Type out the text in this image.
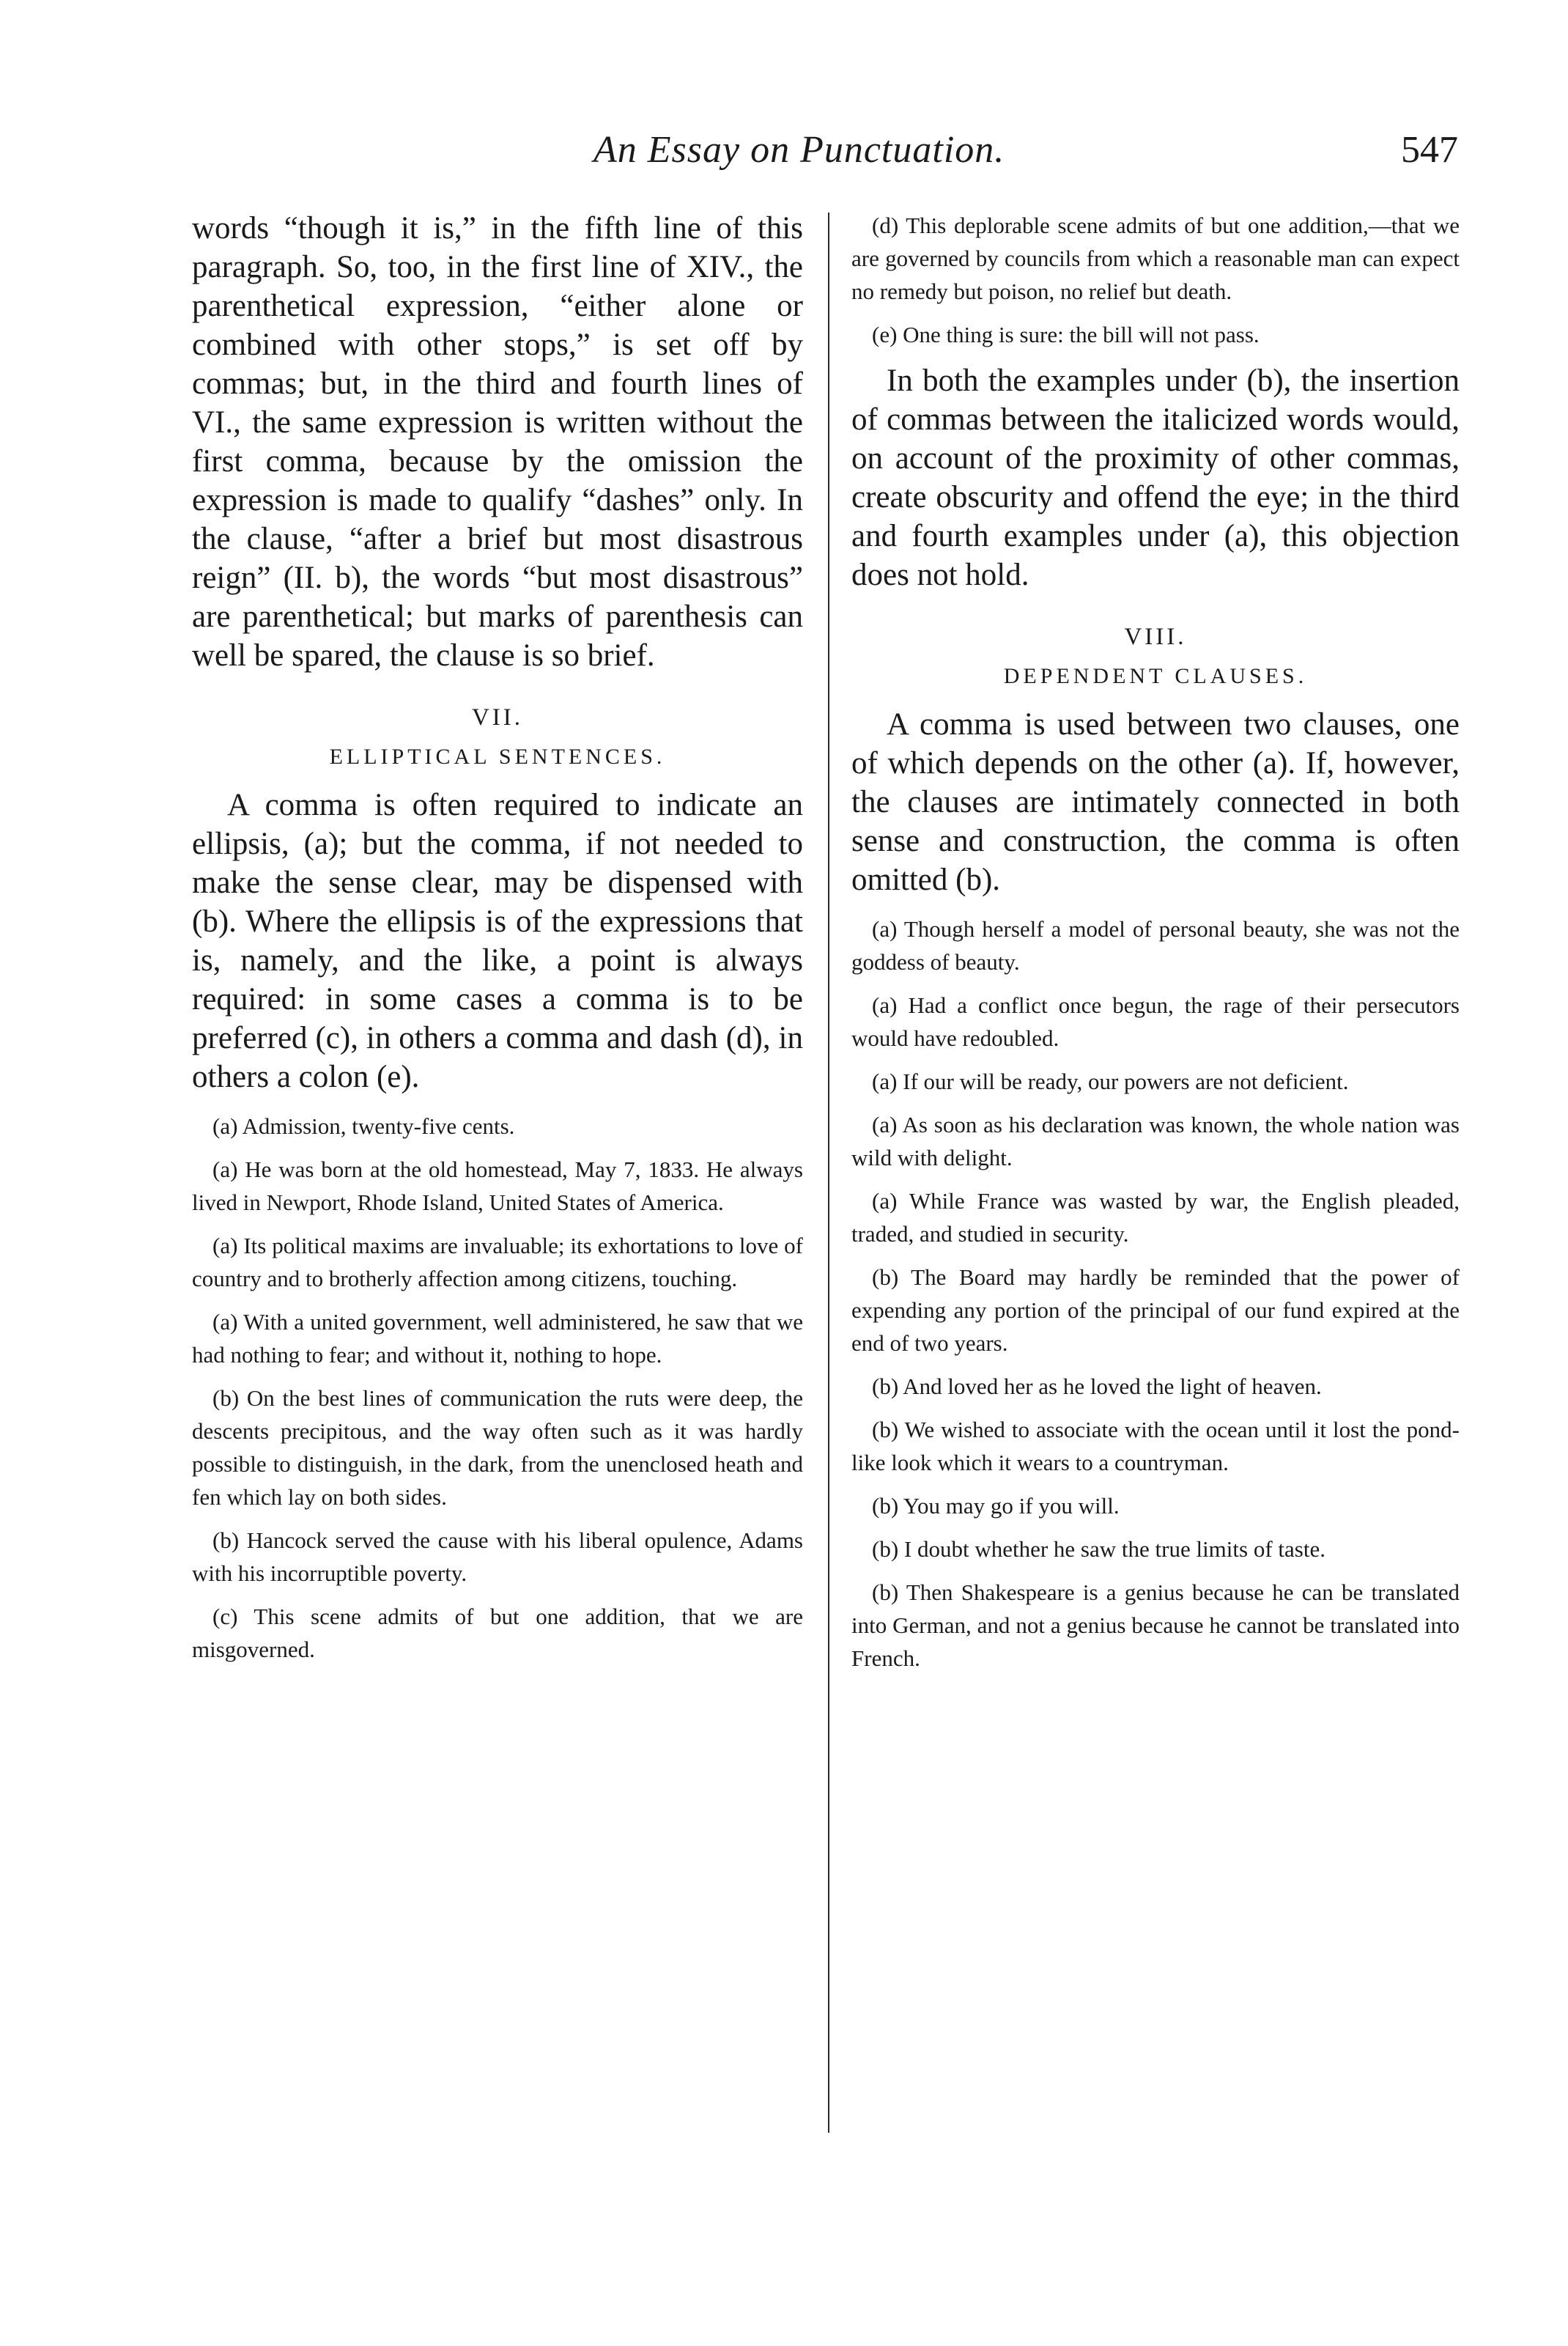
An Essay on Punctuation.	547

words “though it is,” in the fifth line of this paragraph. So, too, in the first line of XIV., the parenthetical expression, “either alone or combined with other stops,” is set off by commas; but, in the third and fourth lines of VI., the same expression is written without the first comma, because by the omission the expression is made to qualify “dashes” only. In the clause, “after a brief but most disastrous reign” (II. b), the words “but most disastrous” are parenthetical; but marks of parenthesis can well be spared, the clause is so brief.

VII.

ELLIPTICAL SENTENCES.

A comma is often required to indicate an ellipsis, (a); but the comma, if not needed to make the sense clear, may be dispensed with (b). Where the ellipsis is of the expressions that is, namely, and the like, a point is always required: in some cases a comma is to be preferred (c), in others a comma and dash (d), in others a colon (e).

(a) Admission, twenty-five cents.

(a) He was born at the old homestead, May 7, 1833. He always lived in Newport, Rhode Island, United States of America.

(a) Its political maxims are invaluable; its exhortations to love of country and to brotherly affection among citizens, touching.

(a) With a united government, well administered, he saw that we had nothing to fear; and without it, nothing to hope.

(b) On the best lines of communication the ruts were deep, the descents precipitous, and the way often such as it was hardly possible to distinguish, in the dark, from the unenclosed heath and fen which lay on both sides.

(b) Hancock served the cause with his liberal opulence, Adams with his incorruptible poverty.

(c) This scene admits of but one addition, that we are misgoverned.

(d) This deplorable scene admits of but one addition,—that we are governed by councils from which a reasonable man can expect no remedy but poison, no relief but death.

(e) One thing is sure: the bill will not pass.

In both the examples under (b), the insertion of commas between the italicized words would, on account of the proximity of other commas, create obscurity and offend the eye; in the third and fourth examples under (a), this objection does not hold.

VIII.

DEPENDENT CLAUSES.

A comma is used between two clauses, one of which depends on the other (a). If, however, the clauses are intimately connected in both sense and construction, the comma is often omitted (b).

(a) Though herself a model of personal beauty, she was not the goddess of beauty.

(a) Had a conflict once begun, the rage of their persecutors would have redoubled.

(a) If our will be ready, our powers are not deficient.

(a) As soon as his declaration was known, the whole nation was wild with delight.

(a) While France was wasted by war, the English pleaded, traded, and studied in security.

(b) The Board may hardly be reminded that the power of expending any portion of the principal of our fund expired at the end of two years.

(b) And loved her as he loved the light of heaven.

(b) We wished to associate with the ocean until it lost the pond-like look which it wears to a countryman.

(b) You may go if you will.

(b) I doubt whether he saw the true limits of taste.

(b) Then Shakespeare is a genius because he can be translated into German, and not a genius because he cannot be translated into French.
